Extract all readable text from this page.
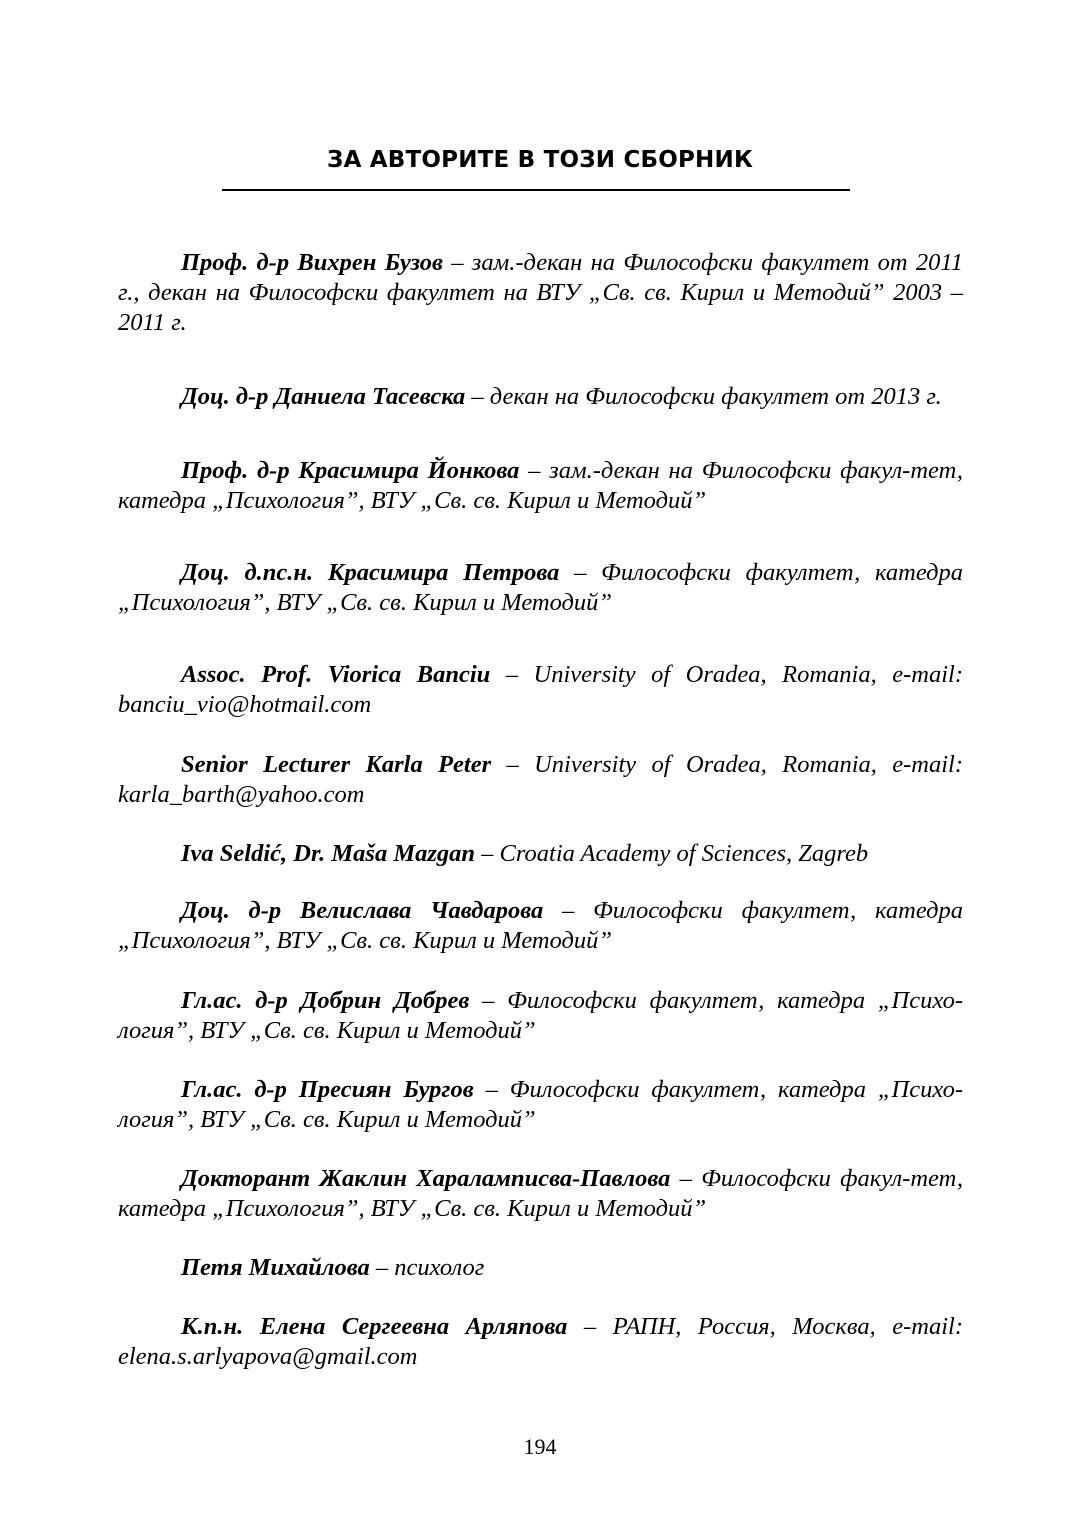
ЗА АВТОРИТЕ В ТОЗИ СБОРНИК

Проф. д-р Вихрен Бузов – зам.-декан на Философски факултет от 2011 г., декан на Философски факултет на ВТУ „Св. св. Кирил и Методий” 2003 – 2011 г.

Доц. д-р Даниела Тасевска – декан на Философски факултет от 2013 г.

Проф. д-р Красимира Йонкова – зам.-декан на Философски факул-тет, катедра „Психология”, ВТУ „Св. св. Кирил и Методий”

Доц. д.пс.н. Красимира Петрова – Философски факултет, катедра „Психология”, ВТУ „Св. св. Кирил и Методий”

Assoc. Prof. Viorica Banciu – University of Oradea, Romania, e-mail: banciu_vio@hotmail.com

Senior Lecturer Karla Peter – University of Oradea, Romania, e-mail: karla_barth@yahoo.com

Iva Seldić, Dr. Maša Mazgan – Croatia Academy of Sciences, Zagreb

Доц. д-р Велислава Чавдарова – Философски факултет, катедра „Психология”, ВТУ „Св. св. Кирил и Методий”

Гл.ас. д-р Добрин Добрев – Философски факултет, катедра „Психо-логия”, ВТУ „Св. св. Кирил и Методий”

Гл.ас. д-р Пресиян Бургов – Философски факултет, катедра „Психо-логия”, ВТУ „Св. св. Кирил и Методий”

Докторант Жаклин Хараламписва-Павлова – Философски факул-тет, катедра „Психология”, ВТУ „Св. св. Кирил и Методий”

Петя Михайлова – психолог

К.п.н. Елена Сергеевна Арляпова – РАПН, Россия, Москва, e-mail: elena.s.arlyapova@gmail.com

194
